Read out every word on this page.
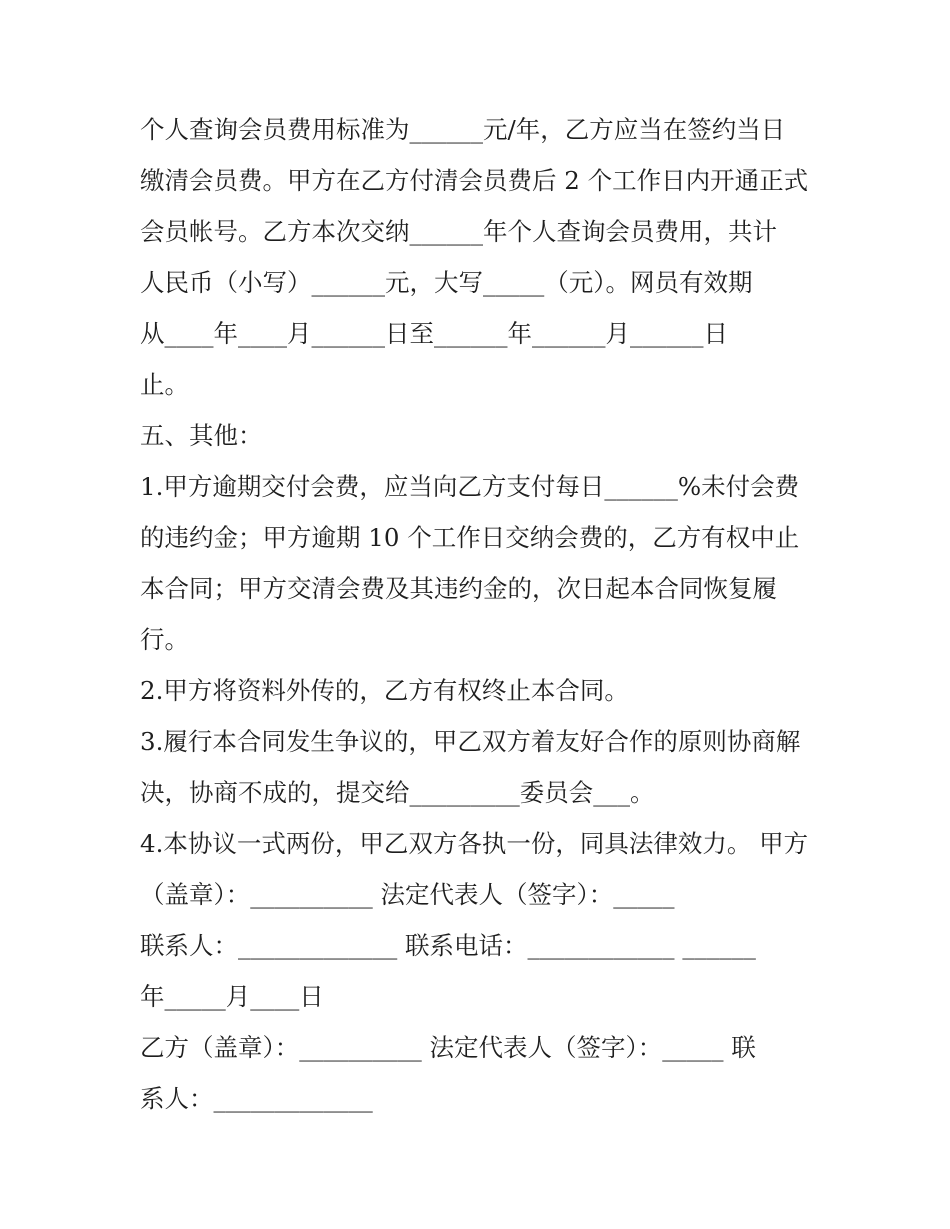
个人查询会员费用标准为______元/年，乙方应当在签约当日
缴清会员费。甲方在乙方付清会员费后 2 个工作日内开通正式
会员帐号。乙方本次交纳______年个人查询会员费用，共计
人民币（小写）______元，大写_____（元）。网员有效期
从____年____月______日至______年______月______日
止。
五、其他：
1.甲方逾期交付会费，应当向乙方支付每日______%未付会费
的违约金；甲方逾期 10 个工作日交纳会费的，乙方有权中止
本合同；甲方交清会费及其违约金的，次日起本合同恢复履
行。
2.甲方将资料外传的，乙方有权终止本合同。
3.履行本合同发生争议的，甲乙双方着友好合作的原则协商解
决，协商不成的，提交给_________委员会___。
4.本协议一式两份，甲乙双方各执一份，同具法律效力。 甲方
（盖章）：__________ 法定代表人（签字）：_____
联系人：_____________ 联系电话：____________ ______
年_____月____日
乙方（盖章）：__________ 法定代表人（签字）：_____ 联
系人：_____________
